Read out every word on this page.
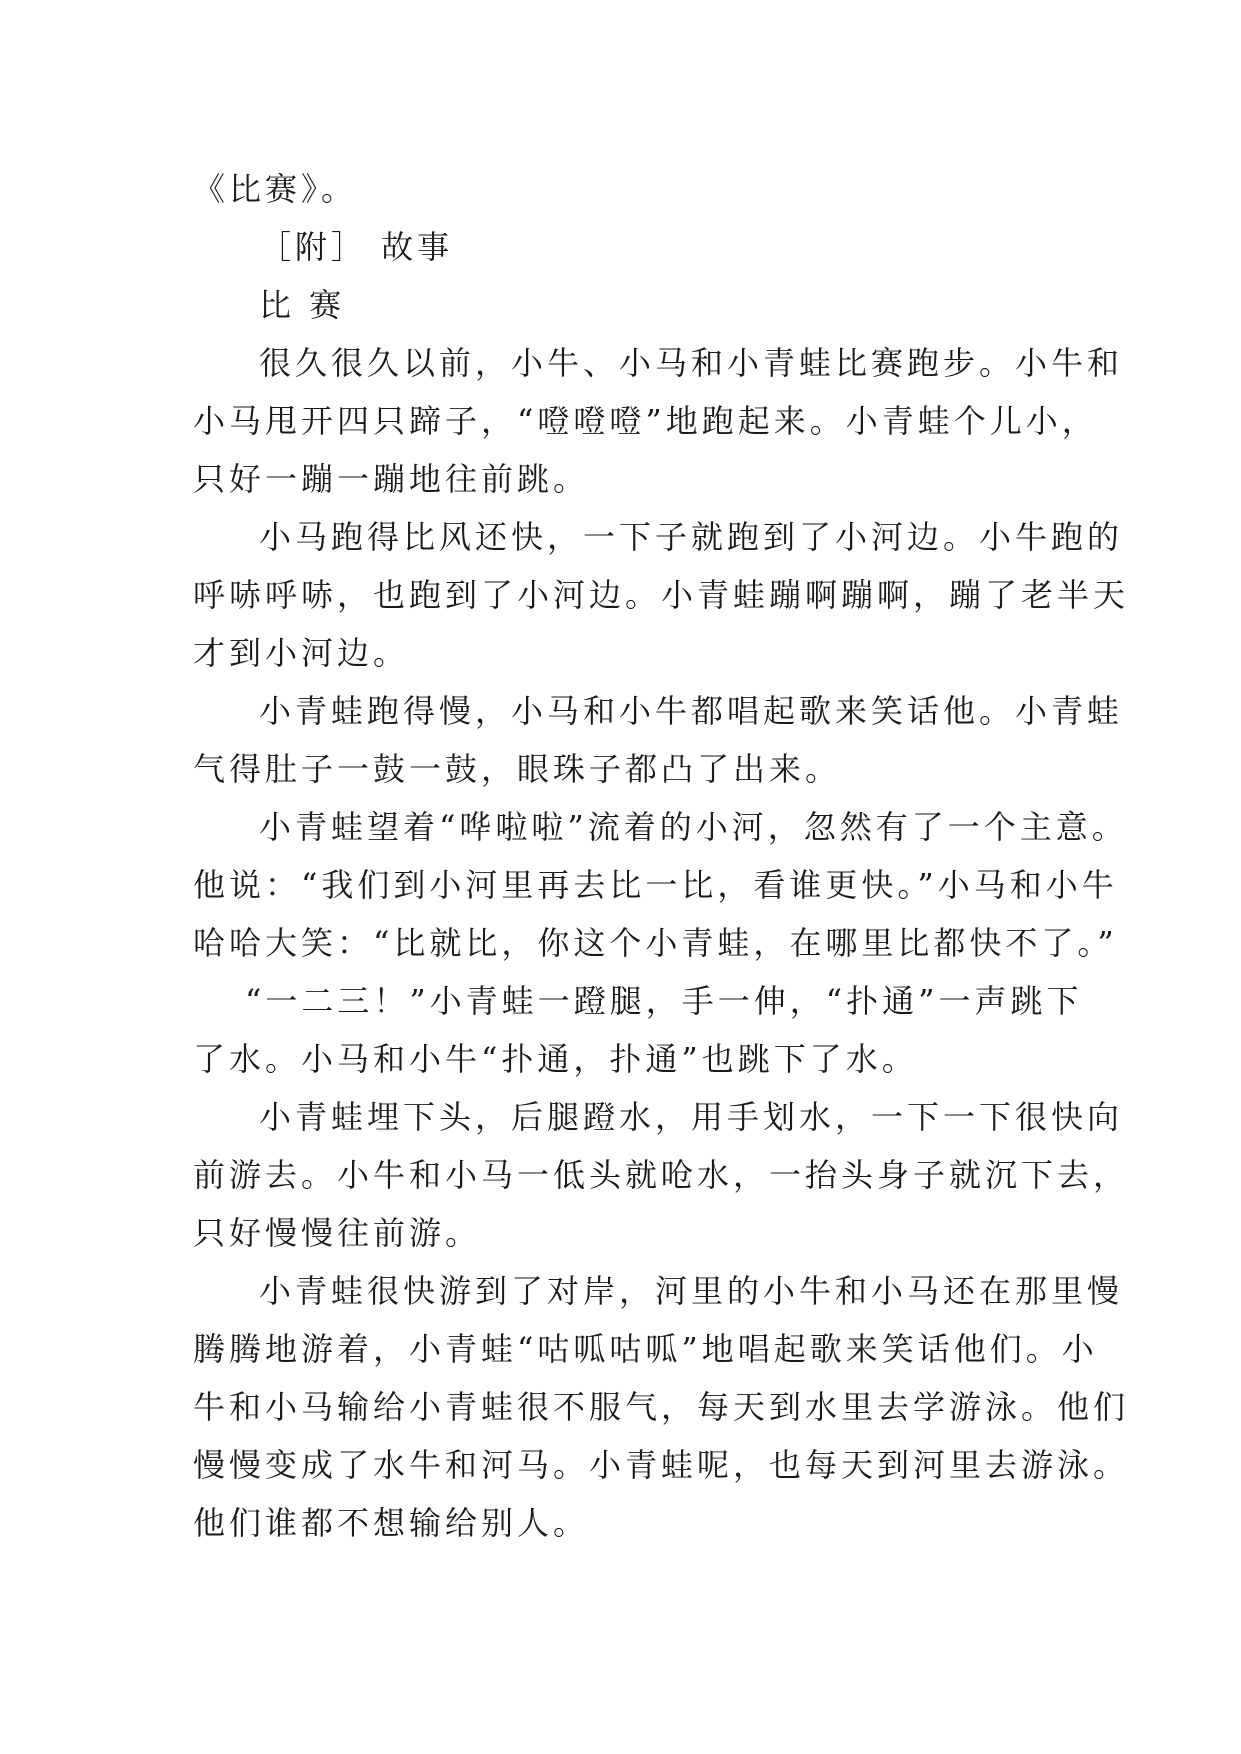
《比赛》。

［附］ 故事

比 赛

很久很久以前，小牛、小马和小青蛙比赛跑步。小牛和

小马甩开四只蹄子，“噔噔噔”地跑起来。小青蛙个儿小，

只好一蹦一蹦地往前跳。

小马跑得比风还快，一下子就跑到了小河边。小牛跑的

呼哧呼哧，也跑到了小河边。小青蛙蹦啊蹦啊，蹦了老半天

才到小河边。

小青蛙跑得慢，小马和小牛都唱起歌来笑话他。小青蛙

气得肚子一鼓一鼓，眼珠子都凸了出来。

小青蛙望着“哗啦啦”流着的小河，忽然有了一个主意。

他说：“我们到小河里再去比一比，看谁更快。”小马和小牛

哈哈大笑：“比就比，你这个小青蛙，在哪里比都快不了。”

“一二三！”小青蛙一蹬腿，手一伸，“扑通”一声跳下

了水。小马和小牛“扑通，扑通”也跳下了水。

小青蛙埋下头，后腿蹬水，用手划水，一下一下很快向

前游去。小牛和小马一低头就呛水，一抬头身子就沉下去，

只好慢慢往前游。

小青蛙很快游到了对岸，河里的小牛和小马还在那里慢

腾腾地游着，小青蛙“咕呱咕呱”地唱起歌来笑话他们。小

牛和小马输给小青蛙很不服气，每天到水里去学游泳。他们

慢慢变成了水牛和河马。小青蛙呢，也每天到河里去游泳。

他们谁都不想输给别人。
